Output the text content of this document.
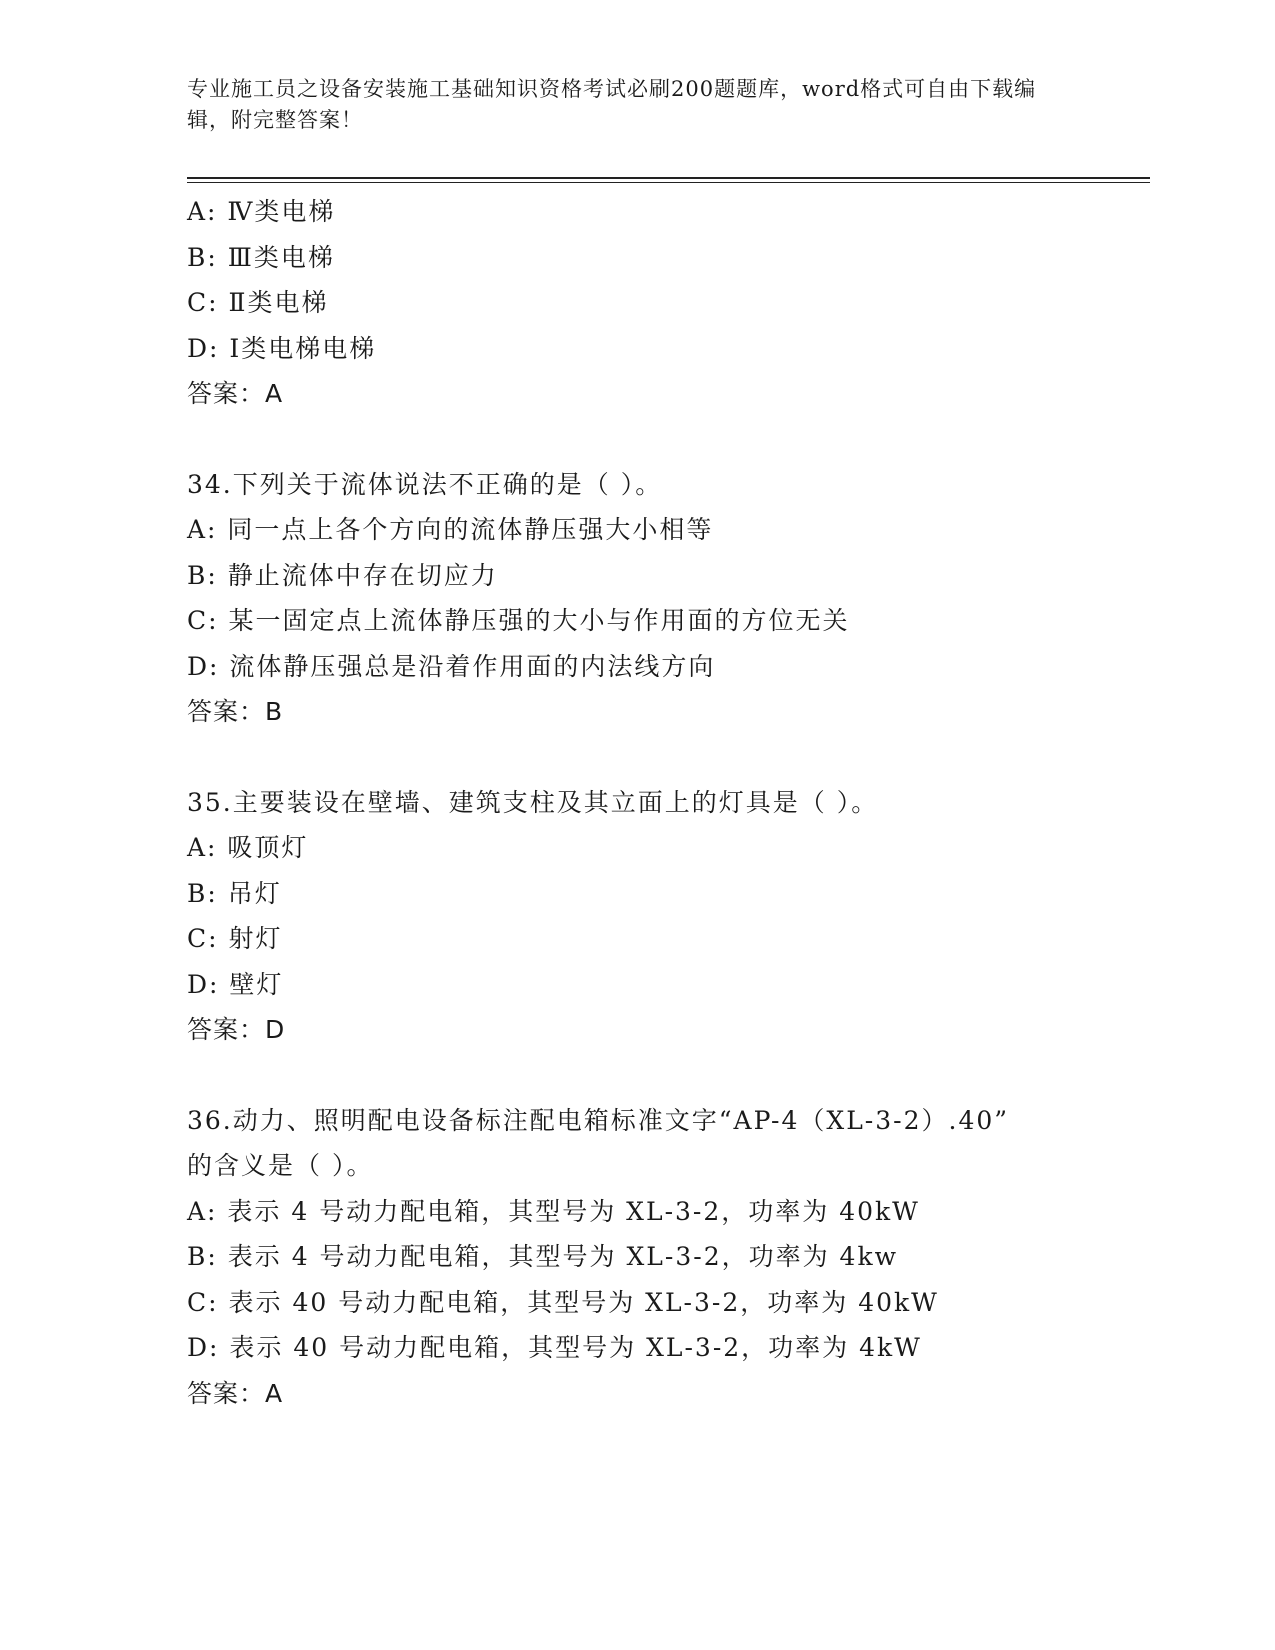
专业施工员之设备安装施工基础知识资格考试必刷200题题库，word格式可自由下载编辑，附完整答案！
A: Ⅳ类电梯
B: Ⅲ类电梯
C: Ⅱ类电梯
D: Ⅰ类电梯电梯
答案：A
34.下列关于流体说法不正确的是（ ）。
A: 同一点上各个方向的流体静压强大小相等
B: 静止流体中存在切应力
C: 某一固定点上流体静压强的大小与作用面的方位无关
D: 流体静压强总是沿着作用面的内法线方向
答案：B
35.主要装设在壁墙、建筑支柱及其立面上的灯具是（ ）。
A: 吸顶灯
B: 吊灯
C: 射灯
D: 壁灯
答案：D
36.动力、照明配电设备标注配电箱标准文字“AP-4（XL-3-2）.40”
的含义是（ ）。
A: 表示 4 号动力配电箱，其型号为 XL-3-2，功率为 40kW
B: 表示 4 号动力配电箱，其型号为 XL-3-2，功率为 4kw
C: 表示 40 号动力配电箱，其型号为 XL-3-2，功率为 40kW
D: 表示 40 号动力配电箱，其型号为 XL-3-2，功率为 4kW
答案：A
